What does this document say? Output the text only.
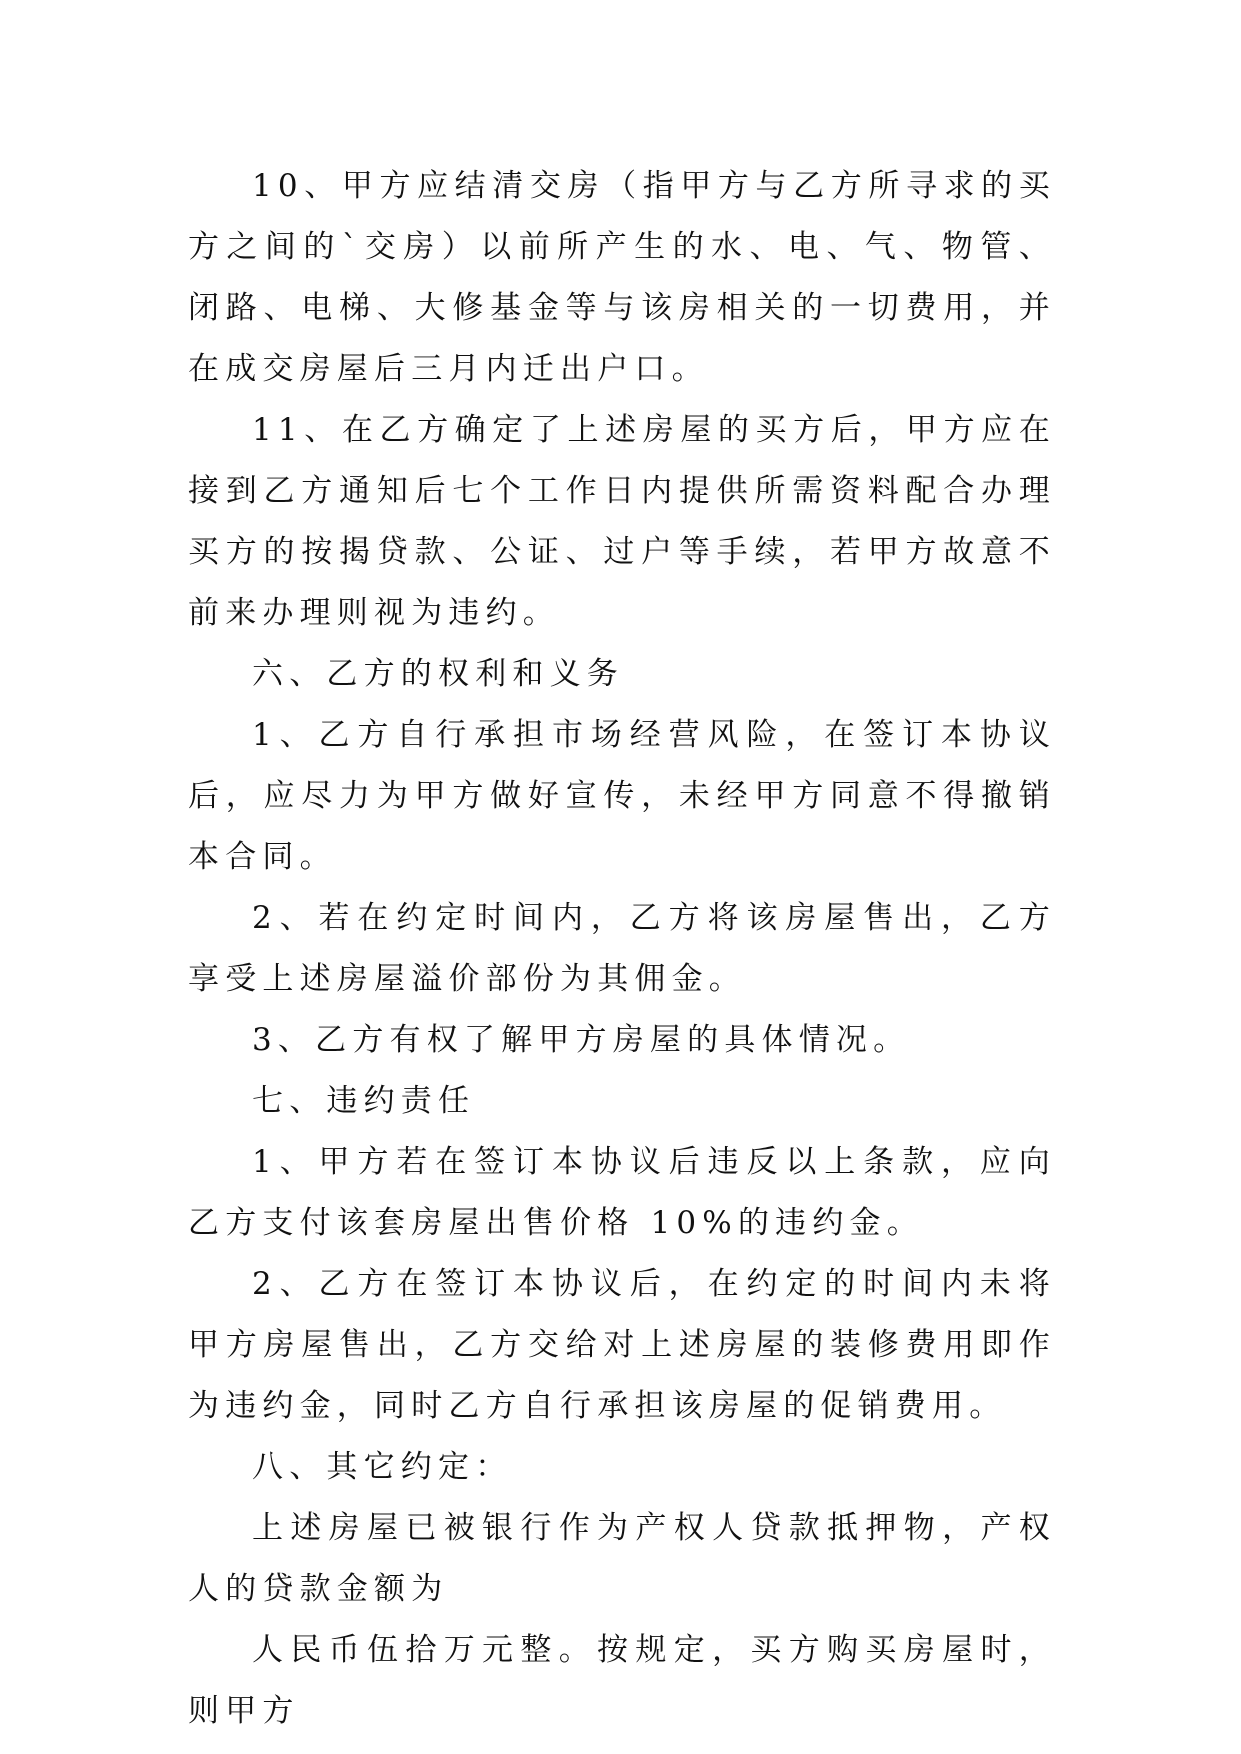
10、甲方应结清交房（指甲方与乙方所寻求的买方之间的`交房）以前所产生的水、电、气、物管、闭路、电梯、大修基金等与该房相关的一切费用，并在成交房屋后三月内迁出户口。

11、在乙方确定了上述房屋的买方后，甲方应在接到乙方通知后七个工作日内提供所需资料配合办理买方的按揭贷款、公证、过户等手续，若甲方故意不前来办理则视为违约。

六、乙方的权利和义务

1、乙方自行承担市场经营风险，在签订本协议后，应尽力为甲方做好宣传，未经甲方同意不得撤销本合同。

2、若在约定时间内，乙方将该房屋售出，乙方享受上述房屋溢价部份为其佣金。

3、乙方有权了解甲方房屋的具体情况。

七、违约责任

1、甲方若在签订本协议后违反以上条款，应向乙方支付该套房屋出售价格 10%的违约金。

2、乙方在签订本协议后，在约定的时间内未将甲方房屋售出，乙方交给对上述房屋的装修费用即作为违约金，同时乙方自行承担该房屋的促销费用。

八、其它约定：

上述房屋已被银行作为产权人贷款抵押物，产权人的贷款金额为

人民币伍拾万元整。按规定，买方购买房屋时，则甲方
